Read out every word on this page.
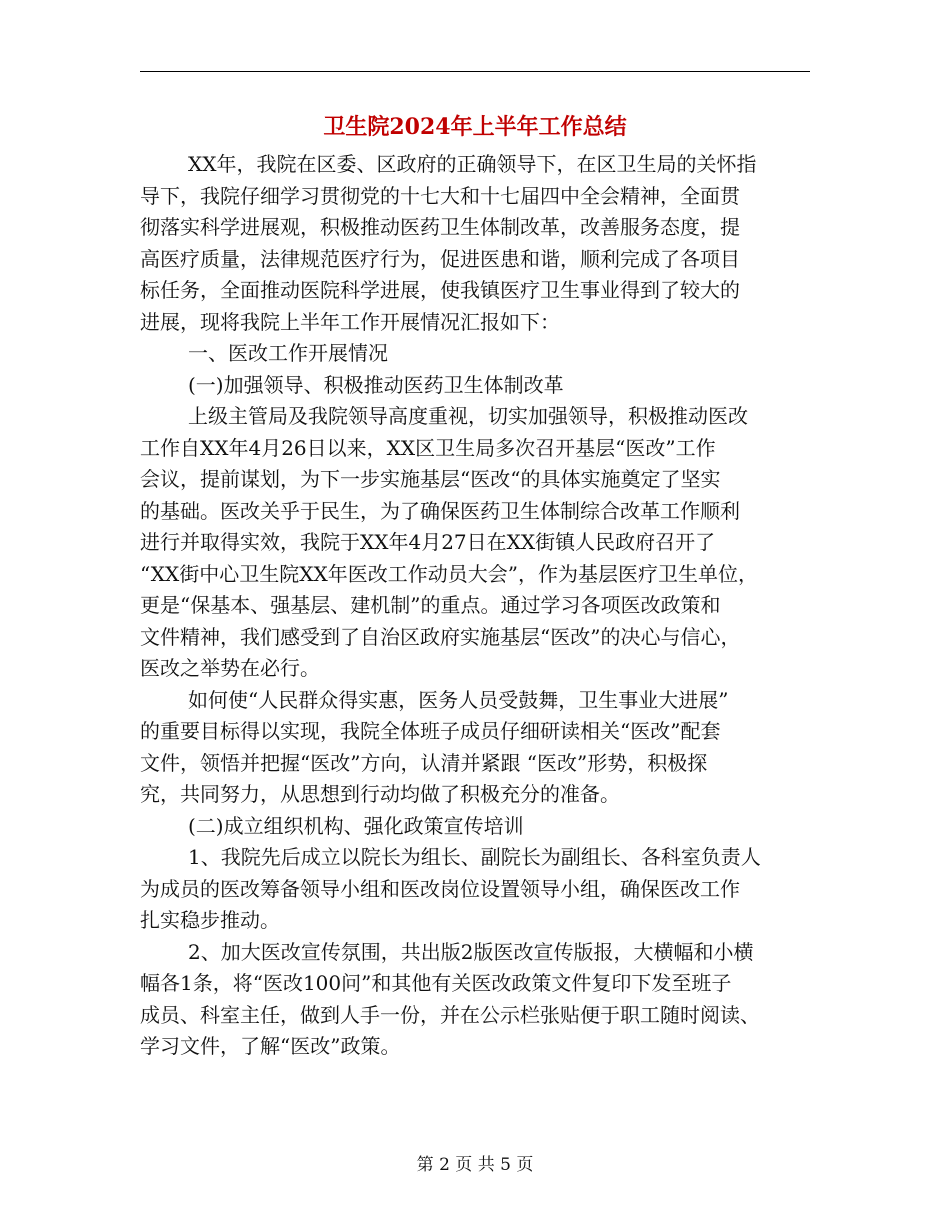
卫生院2024年上半年工作总结
XX年，我院在区委、区政府的正确领导下，在区卫生局的关怀指
导下，我院仔细学习贯彻党的十七大和十七届四中全会精神，全面贯
彻落实科学进展观，积极推动医药卫生体制改革，改善服务态度，提
高医疗质量，法律规范医疗行为，促进医患和谐，顺利完成了各项目
标任务，全面推动医院科学进展，使我镇医疗卫生事业得到了较大的
进展，现将我院上半年工作开展情况汇报如下：
一、医改工作开展情况
(一)加强领导、积极推动医药卫生体制改革
上级主管局及我院领导高度重视，切实加强领导，积极推动医改
工作自XX年4月26日以来，XX区卫生局多次召开基层“医改”工作
会议，提前谋划，为下一步实施基层“医改“的具体实施奠定了坚实
的基础。医改关乎于民生，为了确保医药卫生体制综合改革工作顺利
进行并取得实效，我院于XX年4月27日在XX街镇人民政府召开了
“XX街中心卫生院XX年医改工作动员大会”，作为基层医疗卫生单位，
更是“保基本、强基层、建机制”的重点。通过学习各项医改政策和
文件精神，我们感受到了自治区政府实施基层“医改”的决心与信心，
医改之举势在必行。
如何使“人民群众得实惠，医务人员受鼓舞，卫生事业大进展”
的重要目标得以实现，我院全体班子成员仔细研读相关“医改”配套
文件，领悟并把握“医改”方向，认清并紧跟 “医改”形势，积极探
究，共同努力，从思想到行动均做了积极充分的准备。
(二)成立组织机构、强化政策宣传培训
1、我院先后成立以院长为组长、副院长为副组长、各科室负责人
为成员的医改筹备领导小组和医改岗位设置领导小组，确保医改工作
扎实稳步推动。
2、加大医改宣传氛围，共出版2版医改宣传版报，大横幅和小横
幅各1条，将“医改100问”和其他有关医改政策文件复印下发至班子
成员、科室主任，做到人手一份，并在公示栏张贴便于职工随时阅读、
学习文件，了解“医改”政策。
第 2 页 共 5 页
